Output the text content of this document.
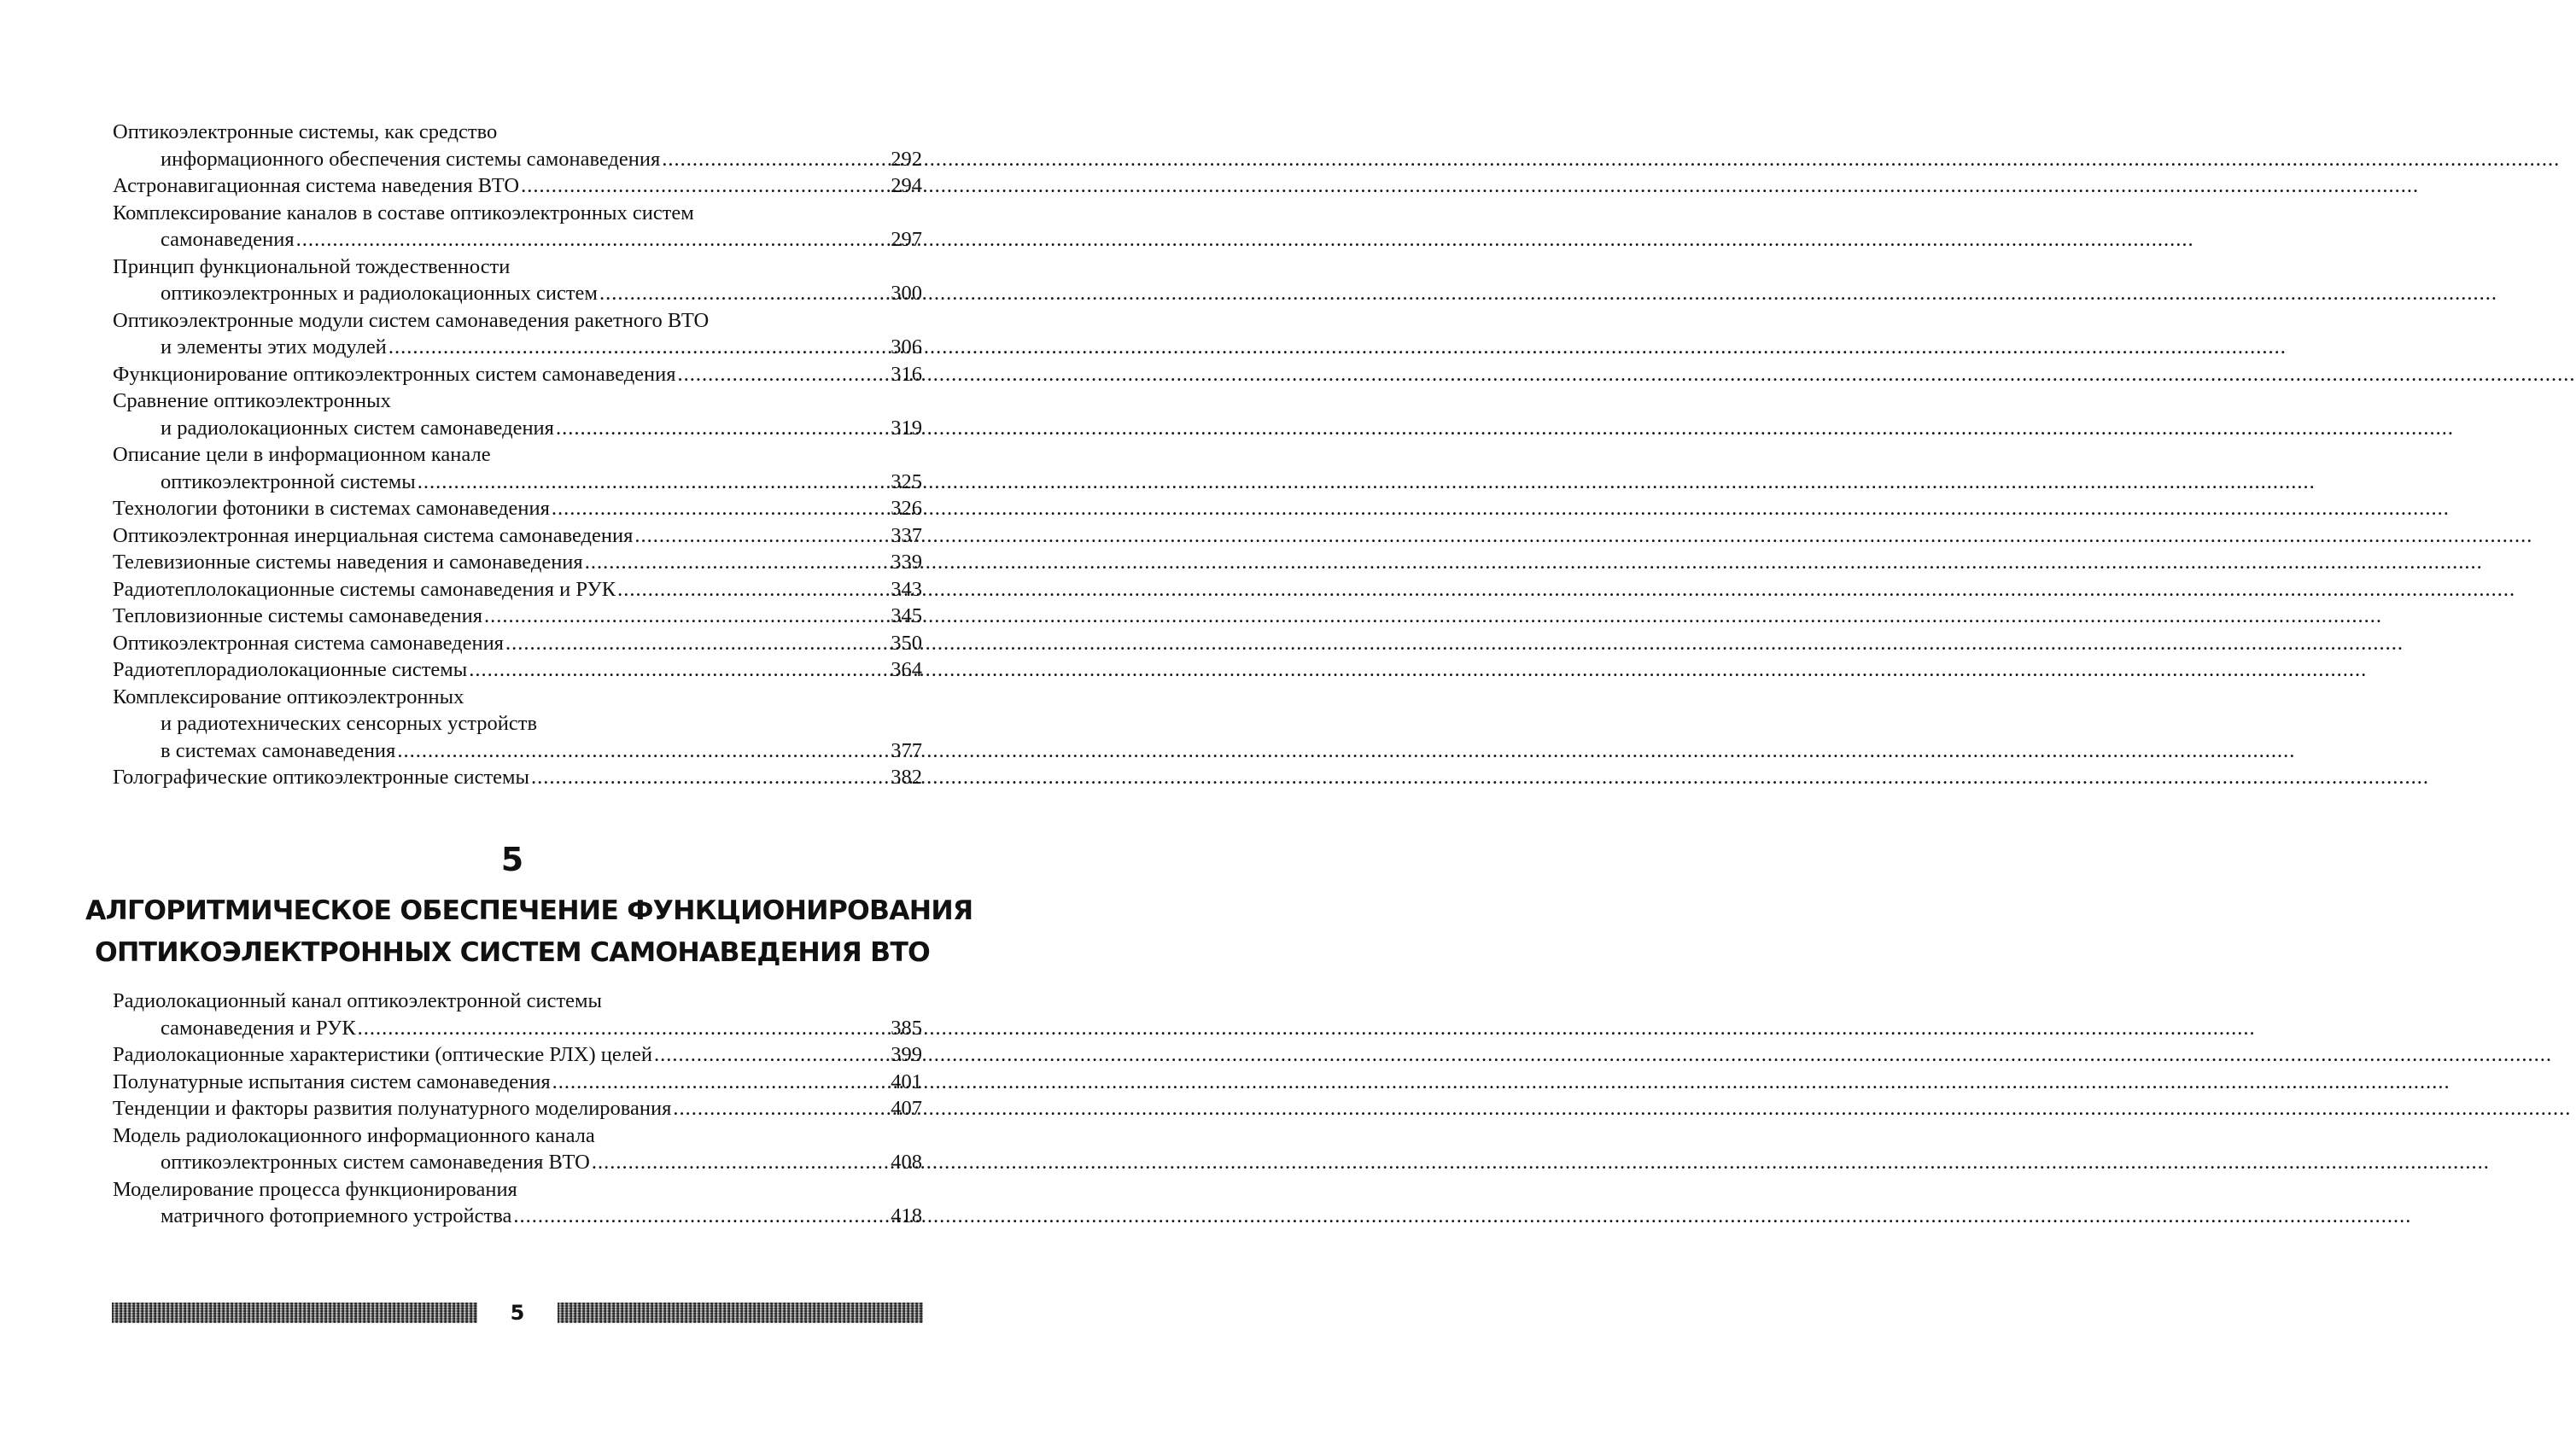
Оптикоэлектронные системы, как средство
информационного обеспечения системы самонаведения .....	292
Астронавигационная система наведения ВТО .....	294
Комплексирование каналов в составе оптикоэлектронных систем
самонаведения .....	297
Принцип функциональной тождественности
оптикоэлектронных и радиолокационных систем .....	300
Оптикоэлектронные модули систем самонаведения ракетного ВТО
и элементы этих модулей .....	306
Функционирование оптикоэлектронных систем самонаведения .....	316
Сравнение оптикоэлектронных
и радиолокационных систем самонаведения .....	319
Описание цели в информационном канале
оптикоэлектронной системы .....	325
Технологии фотоники в системах самонаведения .....	326
Оптикоэлектронная инерциальная система самонаведения .....	337
Телевизионные системы наведения и самонаведения .....	339
Радиотеплолокационные системы самонаведения и РУК .....	343
Тепловизионные системы самонаведения .....	345
Оптикоэлектронная система самонаведения .....	350
Радиотеплорадиолокационные системы .....	364
Комплексирование оптикоэлектронных
и радиотехнических сенсорных устройств
в системах самонаведения .....	377
Голографические оптикоэлектронные системы .....	382
5
АЛГОРИТМИЧЕСКОЕ ОБЕСПЕЧЕНИЕ ФУНКЦИОНИРОВАНИЯ
ОПТИКОЭЛЕКТРОННЫХ СИСТЕМ САМОНАВЕДЕНИЯ ВТО
Радиолокационный канал оптикоэлектронной системы
самонаведения и РУК .....	385
Радиолокационные характеристики (оптические РЛХ) целей .....	399
Полунатурные испытания систем самонаведения .....	401
Тенденции и факторы развития полунатурного моделирования .....	407
Модель радиолокационного информационного канала
оптикоэлектронных систем самонаведения ВТО .....	408
Моделирование процесса функционирования
матричного фотоприемного устройства .....	418
5
